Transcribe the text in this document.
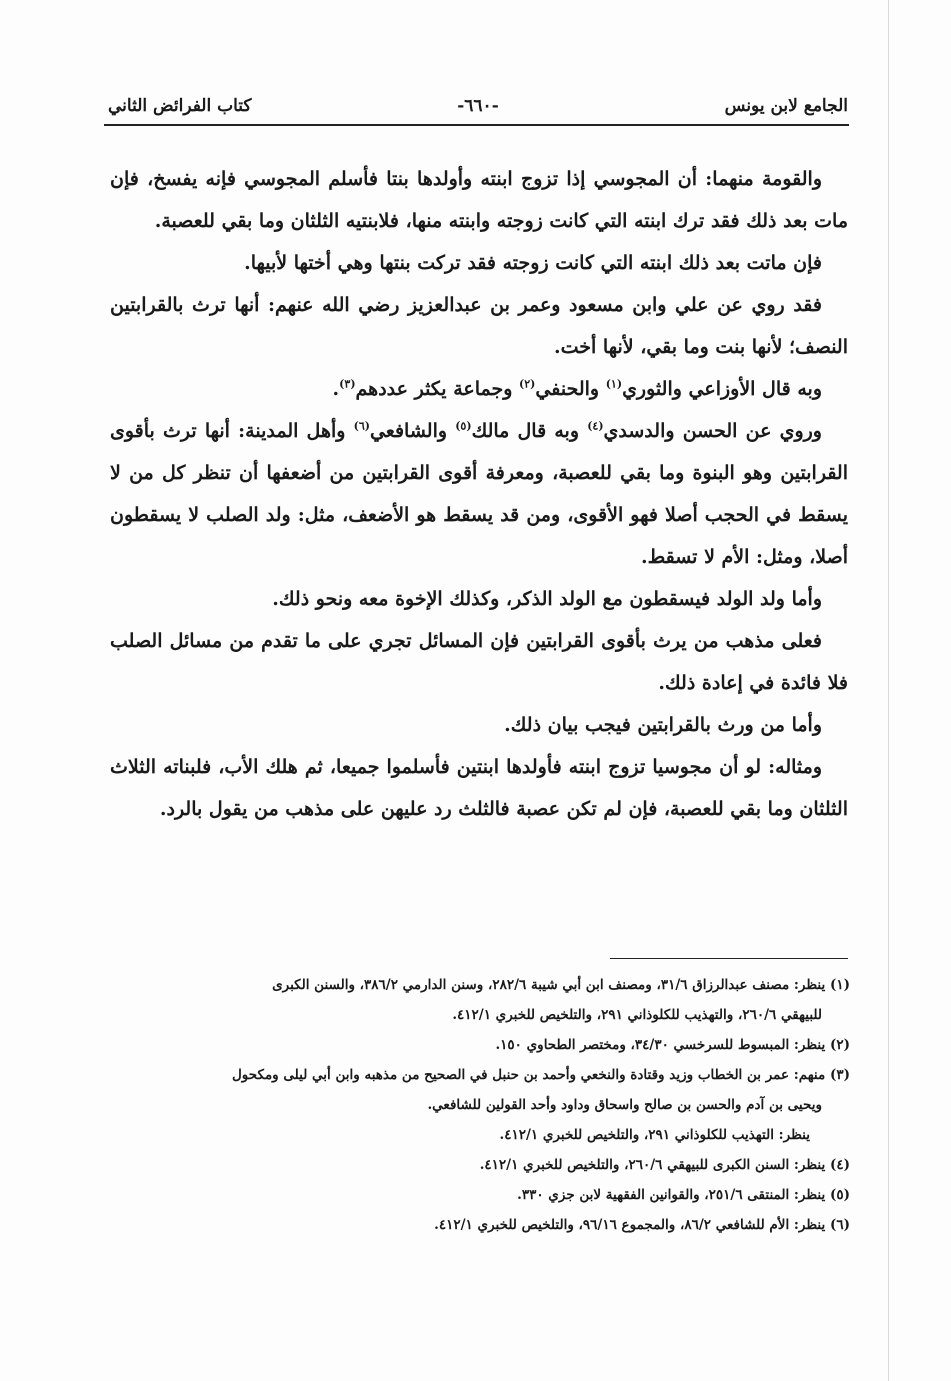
الجامع لابن يونس
-٦٦٠-
كتاب الفرائض الثاني

والقومة منهما: أن المجوسي إذا تزوج ابنته وأولدها بنتا فأسلم المجوسي فإنه يفسخ، فإن مات بعد ذلك فقد ترك ابنته التي كانت زوجته وابنته منها، فلابنتيه الثلثان وما بقي للعصبة.

فإن ماتت بعد ذلك ابنته التي كانت زوجته فقد تركت بنتها وهي أختها لأبيها.

فقد روي عن علي وابن مسعود وعمر بن عبدالعزيز رضي الله عنهم: أنها ترث بالقرابتين النصف؛ لأنها بنت وما بقي، لأنها أخت.

وبه قال الأوزاعي والثوري$^{(١)}$ والحنفي$^{(٢)}$ وجماعة يكثر عددهم$^{(٣)}$.

وروي عن الحسن والدسدي$^{(٤)}$ وبه قال مالك$^{(٥)}$ والشافعي$^{(٦)}$ وأهل المدينة: أنها ترث بأقوى القرابتين وهو البنوة وما بقي للعصبة، ومعرفة أقوى القرابتين من أضعفها أن تنظر كل من لا يسقط في الحجب أصلا فهو الأقوى، ومن قد يسقط هو الأضعف، مثل: ولد الصلب لا يسقطون أصلا، ومثل: الأم لا تسقط.

وأما ولد الولد فيسقطون مع الولد الذكر، وكذلك الإخوة معه ونحو ذلك.

فعلى مذهب من يرث بأقوى القرابتين فإن المسائل تجري على ما تقدم من مسائل الصلب فلا فائدة في إعادة ذلك.

وأما من ورث بالقرابتين فيجب بيان ذلك.

ومثاله: لو أن مجوسيا تزوج ابنته فأولدها ابنتين فأسلموا جميعا، ثم هلك الأب، فلبناته الثلاث الثلثان وما بقي للعصبة، فإن لم تكن عصبة فالثلث رد عليهن على مذهب من يقول بالرد.

(١) ينظر: مصنف عبدالرزاق ٣١/٦، ومصنف ابن أبي شيبة ٢٨٢/٦، وسنن الدارمي ٣٨٦/٢، والسنن الكبرى

للبيهقي ٢٦٠/٦، والتهذيب للكلوذاني ٢٩١، والتلخيص للخبري ٤١٢/١.

(٢) ينظر: المبسوط للسرخسي ٣٤/٣٠، ومختصر الطحاوي ١٥٠.

(٣) منهم: عمر بن الخطاب وزيد وقتادة والنخعي وأحمد بن حنبل في الصحيح من مذهبه وابن أبي ليلى ومكحول

ويحيى بن آدم والحسن بن صالح واسحاق وداود وأحد القولين للشافعي.

ينظر: التهذيب للكلوذاني ٢٩١، والتلخيص للخبري ٤١٢/١.

(٤) ينظر: السنن الكبرى للبيهقي ٢٦٠/٦، والتلخيص للخبري ٤١٢/١.

(٥) ينظر: المنتقى ٢٥١/٦، والقوانين الفقهية لابن جزي ٣٣٠.

(٦) ينظر: الأم للشافعي ٨٦/٢، والمجموع ٩٦/١٦، والتلخيص للخبري ٤١٢/١.
